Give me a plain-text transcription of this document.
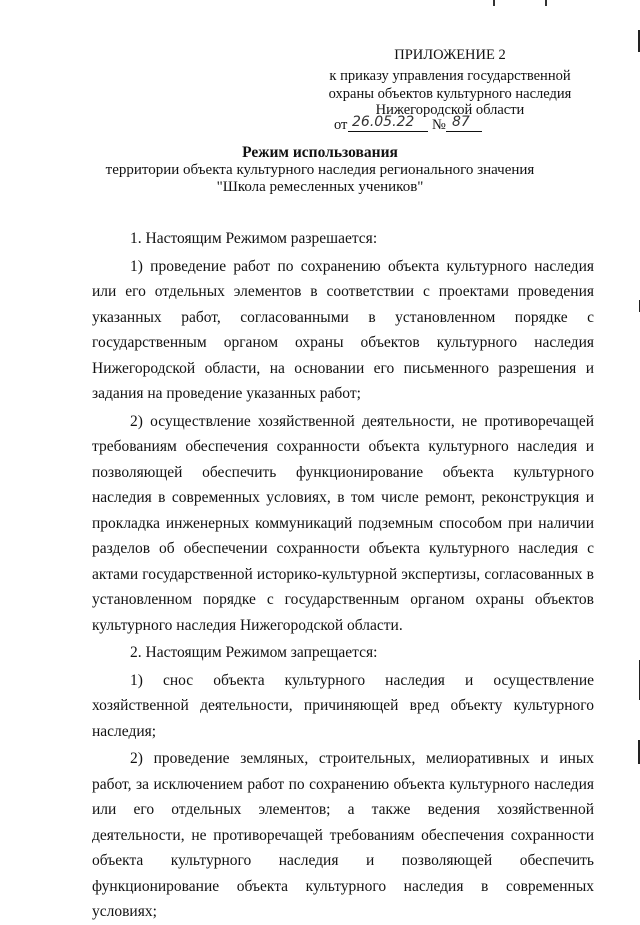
ПРИЛОЖЕНИЕ 2
к приказу управления государственной
охраны объектов культурного наследия
Нижегородской области
от 26.05.22 № 87
Режим использования
территории объекта культурного наследия регионального значения
"Школа ремесленных учеников"

1. Настоящим Режимом разрешается:

1) проведение работ по сохранению объекта культурного наследия или его отдельных элементов в соответствии с проектами проведения указанных работ, согласованными в установленном порядке с государственным органом охраны объектов культурного наследия Нижегородской области, на основании его письменного разрешения и задания на проведение указанных работ;

2) осуществление хозяйственной деятельности, не противоречащей требованиям обеспечения сохранности объекта культурного наследия и позволяющей обеспечить функционирование объекта культурного наследия в современных условиях, в том числе ремонт, реконструкция и прокладка инженерных коммуникаций подземным способом при наличии разделов об обеспечении сохранности объекта культурного наследия с актами государственной историко-культурной экспертизы, согласованных в установленном порядке с государственным органом охраны объектов культурного наследия Нижегородской области.

2. Настоящим Режимом запрещается:

1) снос объекта культурного наследия и осуществление хозяйственной деятельности, причиняющей вред объекту культурного наследия;

2) проведение земляных, строительных, мелиоративных и иных работ, за исключением работ по сохранению объекта культурного наследия или его отдельных элементов; а также ведения хозяйственной деятельности, не противоречащей требованиям обеспечения сохранности объекта культурного наследия и позволяющей обеспечить функционирование объекта культурного наследия в современных условиях;
